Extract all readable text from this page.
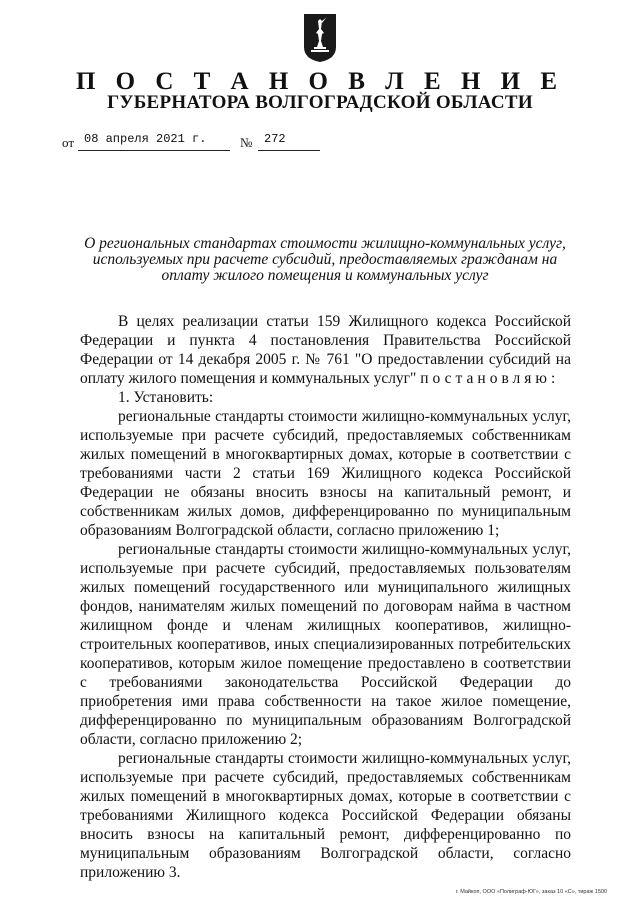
П О С Т А Н О В Л Е Н И Е
ГУБЕРНАТОРА ВОЛГОГРАДСКОЙ ОБЛАСТИ
от 08 апреля 2021 г.	№ 272
О региональных стандартах стоимости жилищно-коммунальных услуг, используемых при расчете субсидий, предоставляемых гражданам на оплату жилого помещения и коммунальных услуг

В целях реализации статьи 159 Жилищного кодекса Российской Федерации и пункта 4 постановления Правительства Российской Федерации от 14 декабря 2005 г. № 761 "О предоставлении субсидий на оплату жилого помещения и коммунальных услуг" постановляю:

1. Установить:

региональные стандарты стоимости жилищно-коммунальных услуг, используемые при расчете субсидий, предоставляемых собственникам жилых помещений в многоквартирных домах, которые в соответствии с требованиями части 2 статьи 169 Жилищного кодекса Российской Федерации не обязаны вносить взносы на капитальный ремонт, и собственникам жилых домов, дифференцированно по муниципальным образованиям Волгоградской области, согласно приложению 1;

региональные стандарты стоимости жилищно-коммунальных услуг, используемые при расчете субсидий, предоставляемых пользователям жилых помещений государственного или муниципального жилищных фондов, нанимателям жилых помещений по договорам найма в частном жилищном фонде и членам жилищных кооперативов, жилищно-строительных кооперативов, иных специализированных потребительских кооперативов, которым жилое помещение предоставлено в соответствии с требованиями законодательства Российской Федерации до приобретения ими права собственности на такое жилое помещение, дифференцированно по муниципальным образованиям Волгоградской области, согласно приложению 2;

региональные стандарты стоимости жилищно-коммунальных услуг, используемые при расчете субсидий, предоставляемых собственникам жилых помещений в многоквартирных домах, которые в соответствии с требованиями Жилищного кодекса Российской Федерации обязаны вносить взносы на капитальный ремонт, дифференцированно по муниципальным образованиям Волгоградской области, согласно приложению 3.

г. Майкоп, ООО «Полиграф-ЮГ», заказ 10 «С», тираж 1500
